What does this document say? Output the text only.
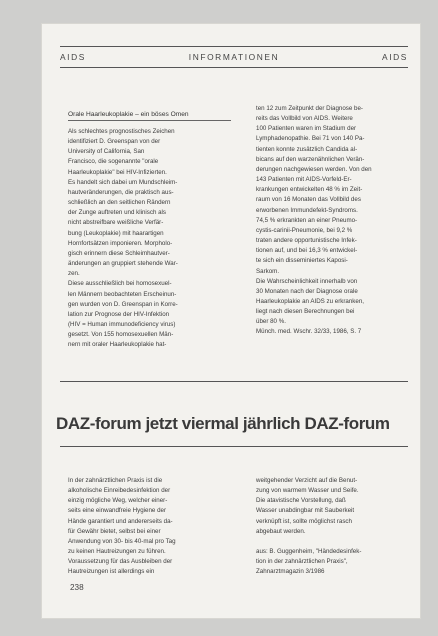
AIDS	INFORMATIONEN	AIDS
Orale Haarleukoplakie – ein böses Omen
Als schlechtes prognostisches Zeichen
identifiziert D. Greenspan von der
University of California, San
Francisco, die sogenannte "orale
Haarleukoplakie" bei HIV-Infizierten.
Es handelt sich dabei um Mundschleim-
hautveränderungen, die praktisch aus-
schließlich an den seitlichen Rändern
der Zunge auftreten und klinisch als
nicht abstreifbare weißliche Verfär-
bung (Leukoplakie) mit haarartigen
Hornfortsätzen imponieren. Morpholo-
gisch erinnern diese Schleimhautver-
änderungen an gruppiert stehende War-
zen.
Diese ausschließlich bei homosexuel-
len Männern beobachteten Erscheinun-
gen wurden von D. Greenspan in Korre-
lation zur Prognose der HIV-Infektion
(HIV = Human immunodeficiency virus)
gesetzt. Von 155 homosexuellen Män-
nern mit oraler Haarleukoplakie hat-
ten 12 zum Zeitpunkt der Diagnose be-
reits das Vollbild von AIDS. Weitere
100 Patienten waren im Stadium der
Lymphadenopathie. Bei 71 von 140 Pa-
tienten konnte zusätzlich Candida al-
bicans auf den warzenähnlichen Verän-
derungen nachgewiesen werden. Von den
143 Patienten mit AIDS-Vorfeld-Er-
krankungen entwickelten 48 % im Zeit-
raum von 16 Monaten das Vollbild des
erworbenen Immundefekt-Syndroms.
74,5 % erkrankten an einer Pneumo-
cystis-carinii-Pneumonie, bei 9,2 %
traten andere opportunistische Infek-
tionen auf, und bei 16,3 % entwickel-
te sich ein disseminiertes Kaposi-
Sarkom.
Die Wahrscheinlichkeit innerhalb von
30 Monaten nach der Diagnose orale
Haarleukoplakie an AIDS zu erkranken,
liegt nach diesen Berechnungen bei
über 80 %.
Münch. med. Wschr. 32/33, 1986, S. 7
DAZ-forum jetzt viermal jährlich DAZ-forum
In der zahnärztlichen Praxis ist die
alkoholische Einreibedesinfektion der
einzig mögliche Weg, welcher einer-
seits eine einwandfreie Hygiene der
Hände garantiert und andererseits da-
für Gewähr bietet, selbst bei einer
Anwendung von 30- bis 40-mal pro Tag
zu keinen Hautreizungen zu führen.
Voraussetzung für das Ausbleiben der
Hautreizungen ist allerdings ein
weitgehender Verzicht auf die Benut-
zung von warmem Wasser und Seife.
Die atavistische Vorstellung, daß
Wasser unabdingbar mit Sauberkeit
verknüpft ist, sollte möglichst rasch
abgebaut werden.

aus: B. Guggenheim, "Händedesinfek-
tion in der zahnärztlichen Praxis",
Zahnarztmagazin 3/1986
238
